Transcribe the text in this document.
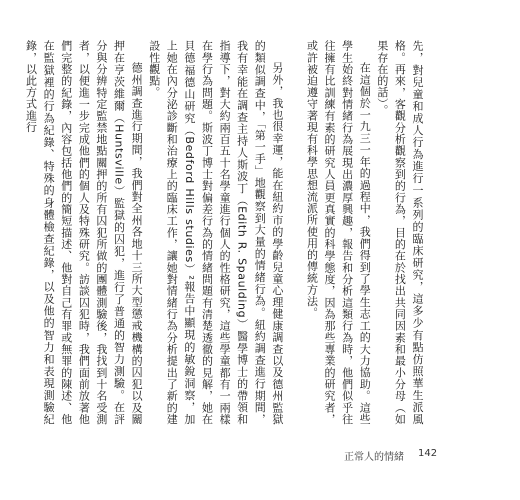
先，對兒童和成人行為進行一系列的臨床研究，這多少有點仿照華生派風格。再來，客觀分析觀察到的行為，目的在於找出共同因素和最小分母（如果存在的話）。

在這個於一九三一年的過程中，我們得到了學生志工的大力協助。這些學生始終對情緒行為展現出濃厚興趣，報告和分析這類行為時，他們似乎往往擁有比訓練有素的研究人員更真實的科學態度，因為那些專業的研究者，或許被迫遵守著現有科學思想流派所使用的傳統方法。

另外，我也很幸運，能在紐約市的學齡兒童心理健康調查以及德州監獄的類似調查中，「第一手」地觀察到大量的情緒行為。紐約調查進行期間，我有幸能在調查主持人斯波丁（Edith R. Spaulding）醫學博士的帶領和指導下，對大約兩百五十名學童進行個人的性格研究，這些學童都有一兩樣在學行為問題。斯波丁博士對偏差行為的情緒問題有清楚透徹的見解，她在貝德福德山研究（Bedford Hills studies）²報告中顯現的敏銳洞察，加上她在內分泌診斷和治療上的臨床工作，讓她對情緒行為分析提出了新的建設性觀點。

德州調查進行期間，我們對全州各地十三所大型懲戒機構的囚犯以及關押在亨茨維爾（Huntsville）監獄的囚犯，進行了普通的智力測驗。在評分與分辨特定監禁地點關押的所有囚犯所做的團體測驗後，我找到十名受測者，以便進一步完成他們的個人及特殊研究。訪談囚犯時，我們面前放著他們完整的紀錄，內容包括他們的簡短描述、他對自己有罪或無罪的陳述、他在監獄裡的行為紀錄、特殊的身體檢查紀錄，以及他的智力和表現測驗紀錄，以此方式進行

正常人的情緒 142
